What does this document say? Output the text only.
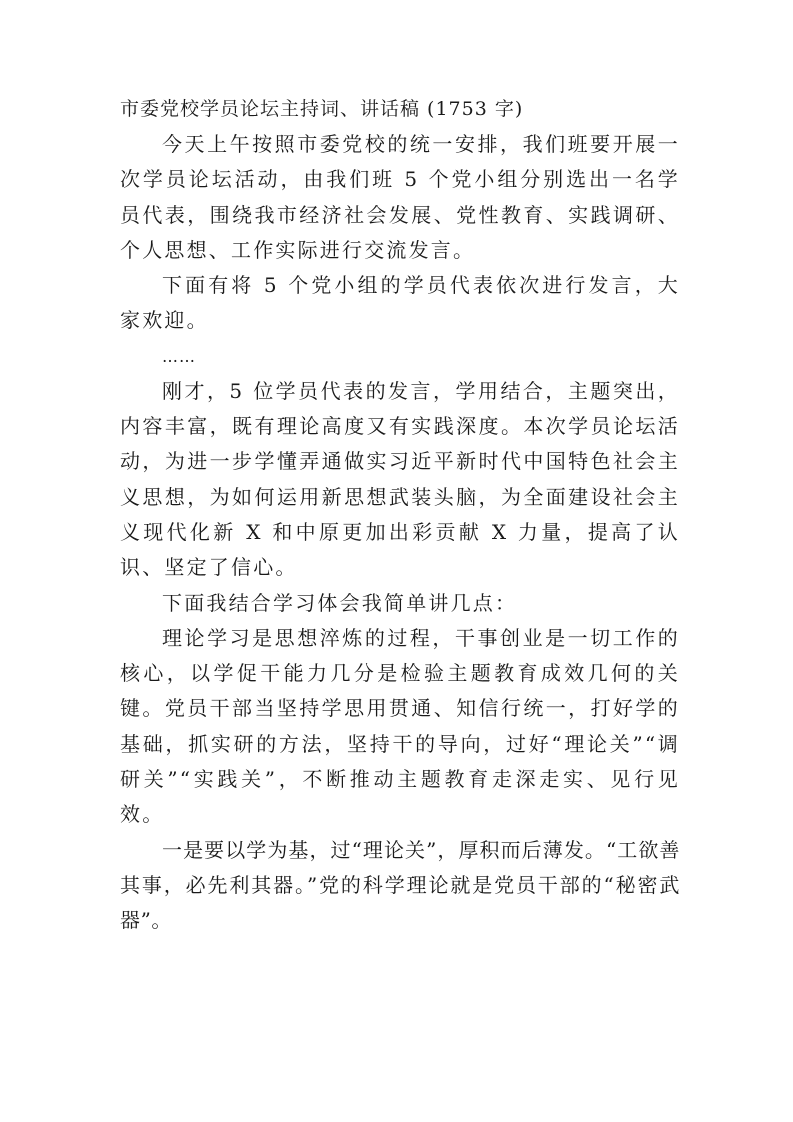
市委党校学员论坛主持词、讲话稿 (1753 字)

今天上午按照市委党校的统一安排，我们班要开展一次学员论坛活动，由我们班 5 个党小组分别选出一名学员代表，围绕我市经济社会发展、党性教育、实践调研、个人思想、工作实际进行交流发言。

下面有将 5 个党小组的学员代表依次进行发言，大家欢迎。

……

刚才，5 位学员代表的发言，学用结合，主题突出，内容丰富，既有理论高度又有实践深度。本次学员论坛活动，为进一步学懂弄通做实习近平新时代中国特色社会主义思想，为如何运用新思想武装头脑，为全面建设社会主义现代化新 X 和中原更加出彩贡献 X 力量，提高了认识、坚定了信心。

下面我结合学习体会我简单讲几点：

理论学习是思想淬炼的过程，干事创业是一切工作的核心，以学促干能力几分是检验主题教育成效几何的关键。党员干部当坚持学思用贯通、知信行统一，打好学的基础，抓实研的方法，坚持干的导向，过好“理论关”“调研关”“实践关”，不断推动主题教育走深走实、见行见效。

一是要以学为基，过“理论关”，厚积而后薄发。“工欲善其事，必先利其器。”党的科学理论就是党员干部的“秘密武器”。
